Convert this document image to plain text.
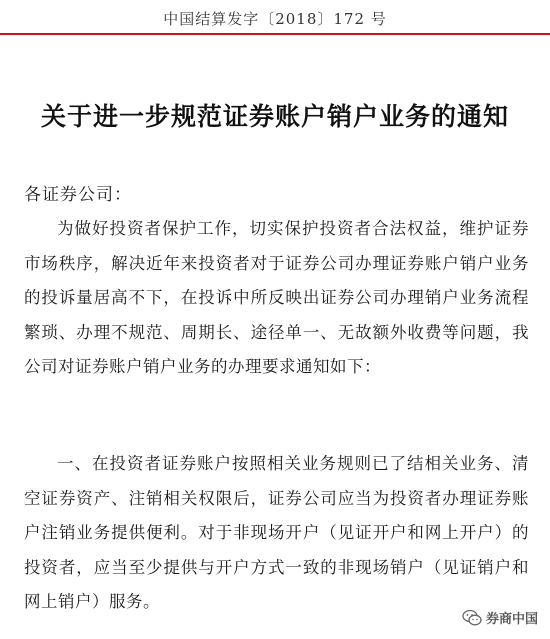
中国结算发字〔2018〕172 号
关于进一步规范证券账户销户业务的通知
各证券公司：
为做好投资者保护工作，切实保护投资者合法权益，维护证券市场秩序，解决近年来投资者对于证券公司办理证券账户销户业务的投诉量居高不下，在投诉中所反映出证券公司办理销户业务流程繁琐、办理不规范、周期长、途径单一、无故额外收费等问题，我公司对证券账户销户业务的办理要求通知如下：
一、在投资者证券账户按照相关业务规则已了结相关业务、清空证券资产、注销相关权限后，证券公司应当为投资者办理证券账户注销业务提供便利。对于非现场开户（见证开户和网上开户）的投资者，应当至少提供与开户方式一致的非现场销户（见证销户和网上销户）服务。
券商中国
